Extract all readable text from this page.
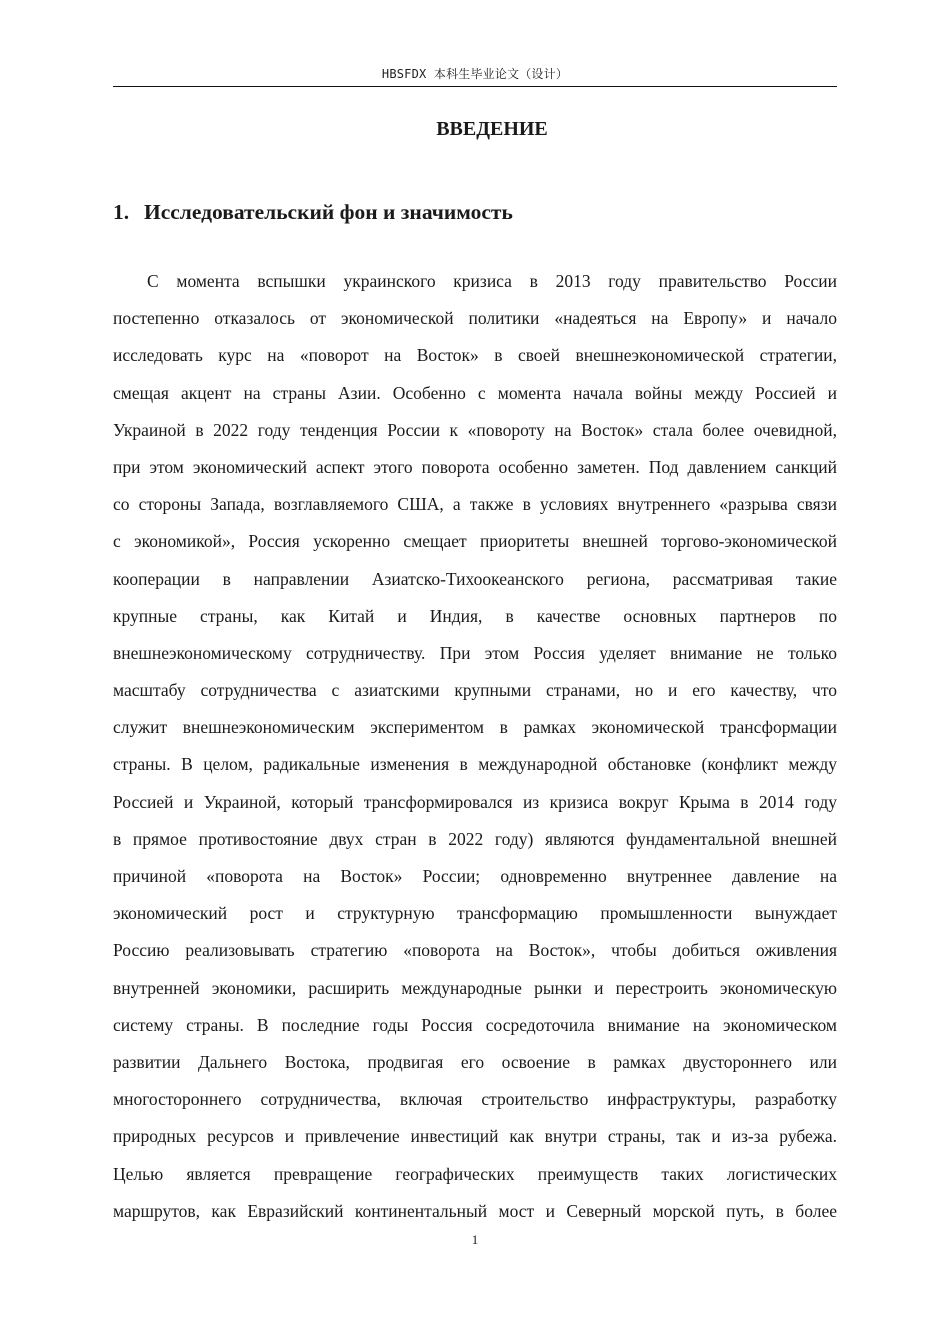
HBSFDX 本科生毕业论文（设计）
ВВЕДЕНИЕ
1. Исследовательский фон и значимость
С момента вспышки украинского кризиса в 2013 году правительство России
постепенно отказалось от экономической политики «надеяться на Европу» и начало
исследовать курс на «поворот на Восток» в своей внешнеэкономической стратегии,
смещая акцент на страны Азии. Особенно с момента начала войны между Россией и
Украиной в 2022 году тенденция России к «повороту на Восток» стала более очевидной,
при этом экономический аспект этого поворота особенно заметен. Под давлением санкций
со стороны Запада, возглавляемого США, а также в условиях внутреннего «разрыва связи
с экономикой», Россия ускоренно смещает приоритеты внешней торгово-экономической
кооперации в направлении Азиатско-Тихоокеанского региона, рассматривая такие
крупные страны, как Китай и Индия, в качестве основных партнеров по
внешнеэкономическому сотрудничеству. При этом Россия уделяет внимание не только
масштабу сотрудничества с азиатскими крупными странами, но и его качеству, что
служит внешнеэкономическим экспериментом в рамках экономической трансформации
страны. В целом, радикальные изменения в международной обстановке (конфликт между
Россией и Украиной, который трансформировался из кризиса вокруг Крыма в 2014 году
в прямое противостояние двух стран в 2022 году) являются фундаментальной внешней
причиной «поворота на Восток» России; одновременно внутреннее давление на
экономический рост и структурную трансформацию промышленности вынуждает
Россию реализовывать стратегию «поворота на Восток», чтобы добиться оживления
внутренней экономики, расширить международные рынки и перестроить экономическую
систему страны. В последние годы Россия сосредоточила внимание на экономическом
развитии Дальнего Востока, продвигая его освоение в рамках двустороннего или
многостороннего сотрудничества, включая строительство инфраструктуры, разработку
природных ресурсов и привлечение инвестиций как внутри страны, так и из-за рубежа.
Целью является превращение географических преимуществ таких логистических
маршрутов, как Евразийский континентальный мост и Северный морской путь, в более
1
